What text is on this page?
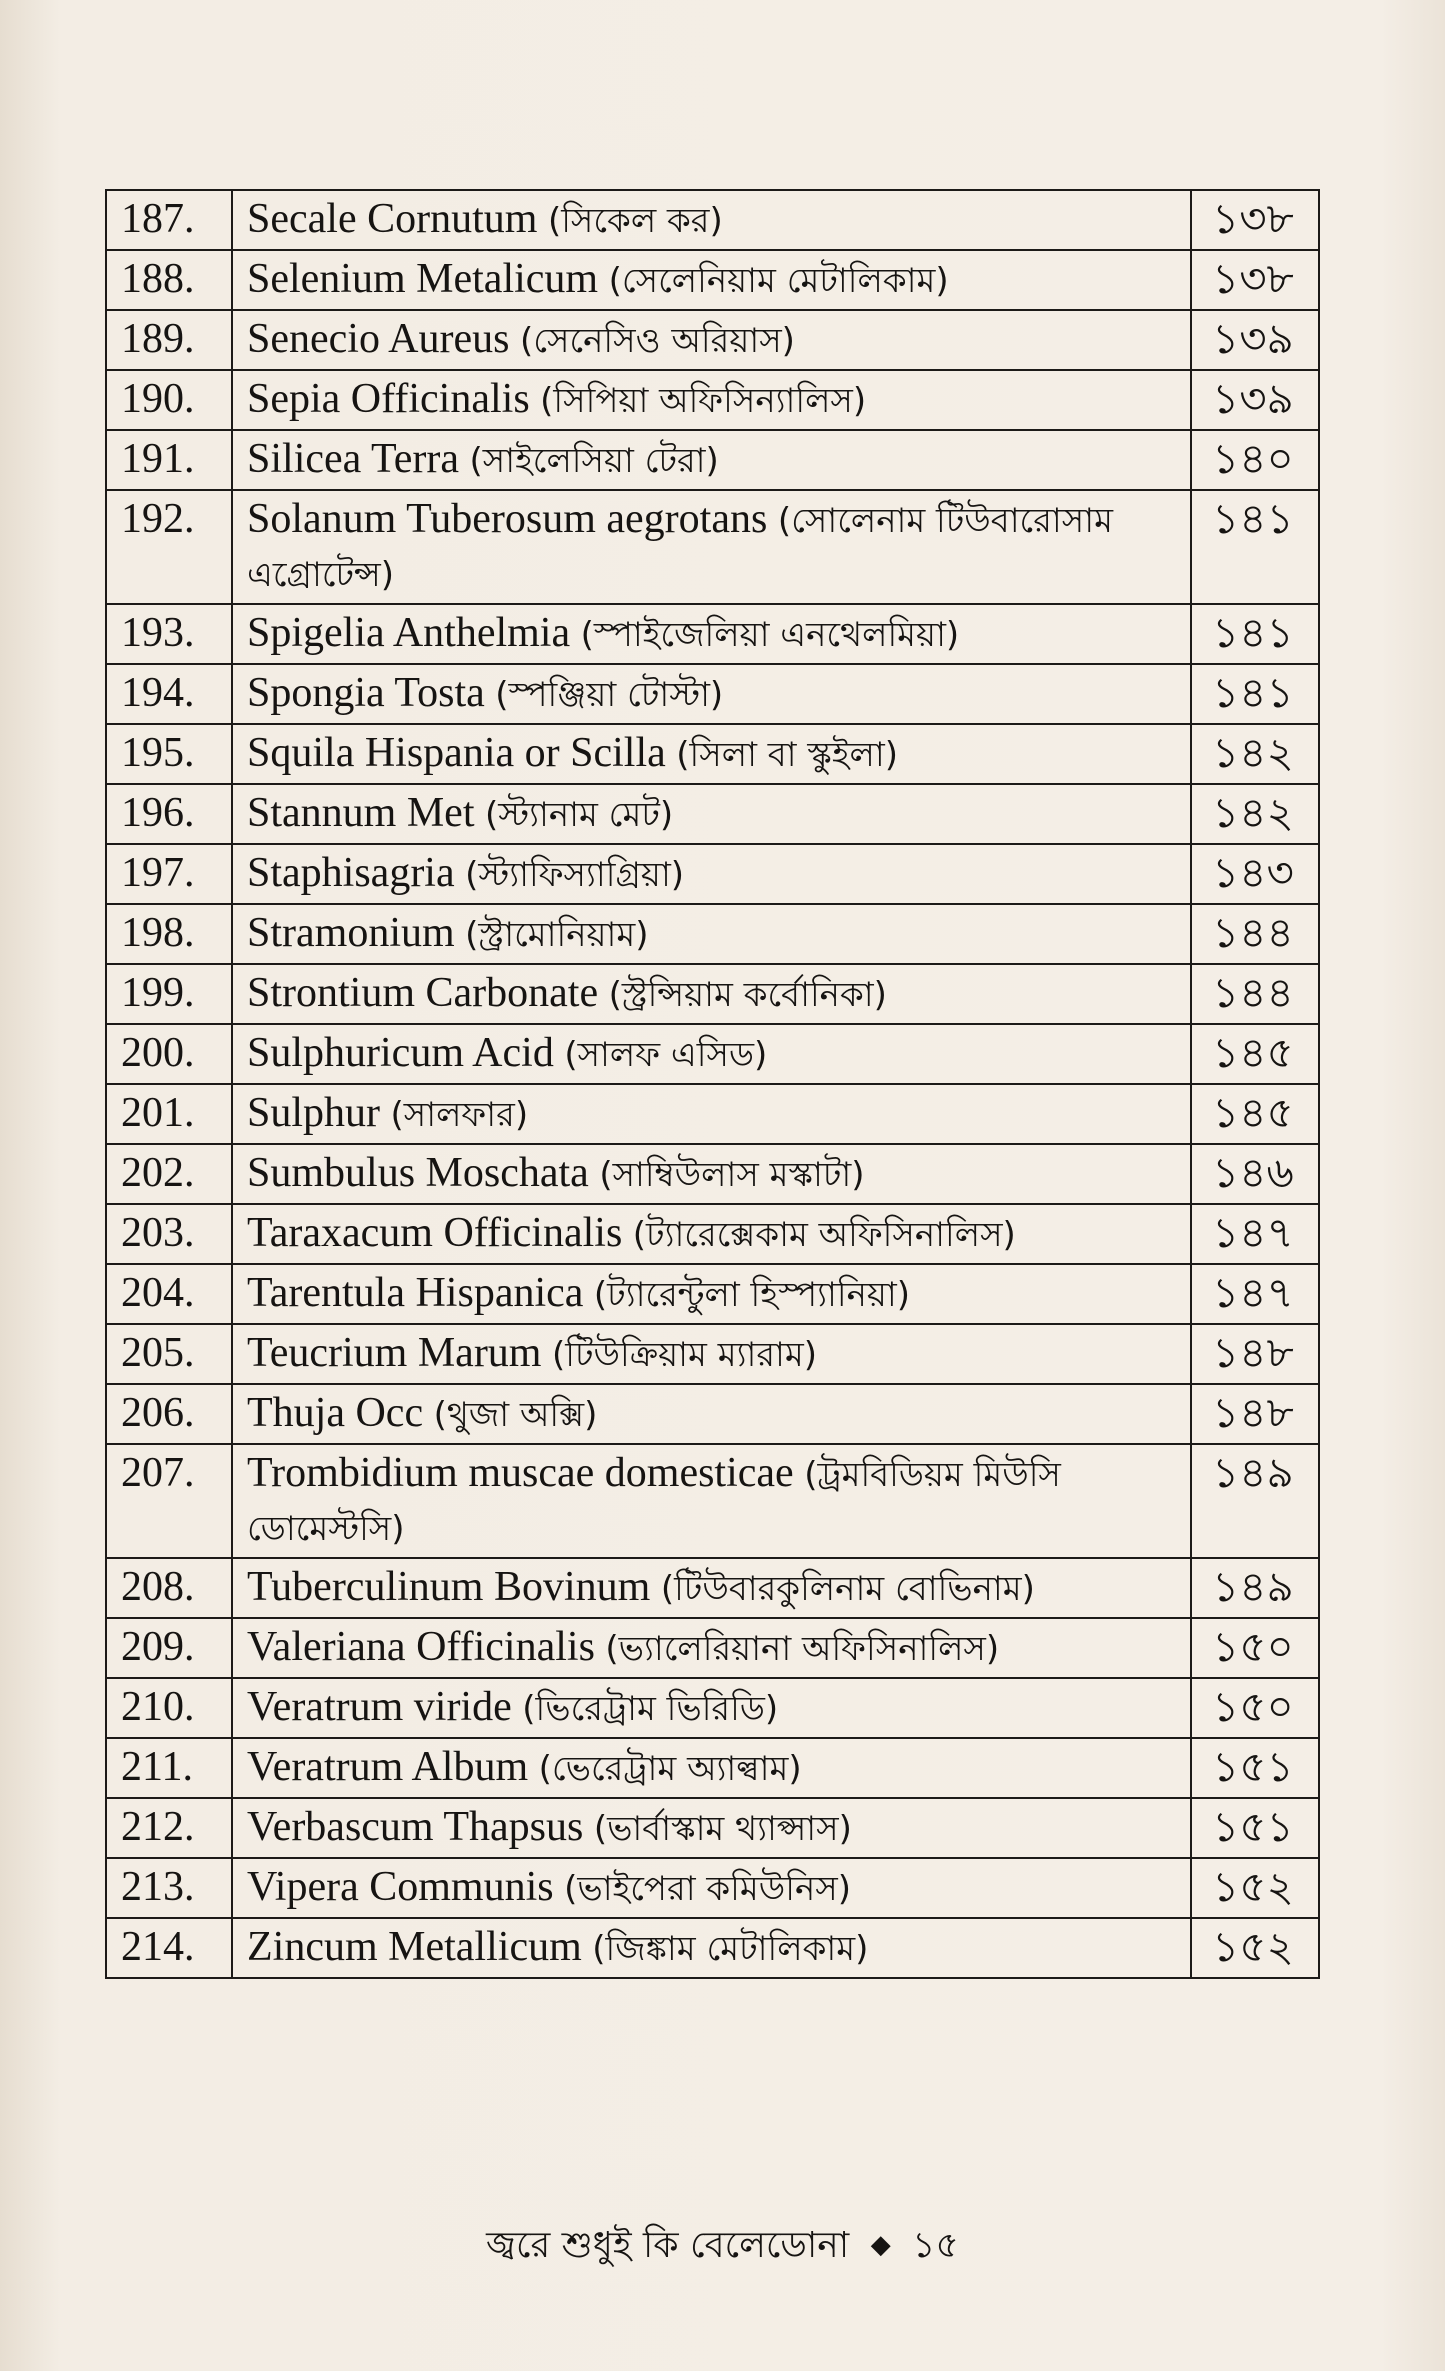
187.	Secale Cornutum (সিকেল কর)	১৩৮
188.	Selenium Metalicum (সেলেনিয়াম মেটালিকাম)	১৩৮
189.	Senecio Aureus (সেনেসিও অরিয়াস)	১৩৯
190.	Sepia Officinalis (সিপিয়া অফিসিন্যালিস)	১৩৯
191.	Silicea Terra (সাইলেসিয়া টেরা)	১৪০
192.	Solanum Tuberosum aegrotans (সোলেনাম টিউবারোসাম এগ্রোটেন্স)	১৪১
193.	Spigelia Anthelmia (স্পাইজেলিয়া এনথেলমিয়া)	১৪১
194.	Spongia Tosta (স্পঞ্জিয়া টোস্টা)	১৪১
195.	Squila Hispania or Scilla (সিলা বা স্কুইলা)	১৪২
196.	Stannum Met (স্ট্যানাম মেট)	১৪২
197.	Staphisagria (স্ট্যাফিস্যাগ্রিয়া)	১৪৩
198.	Stramonium (স্ট্রামোনিয়াম)	১৪৪
199.	Strontium Carbonate (স্ট্রন্সিয়াম কর্বোনিকা)	১৪৪
200.	Sulphuricum Acid (সালফ এসিড)	১৪৫
201.	Sulphur (সালফার)	১৪৫
202.	Sumbulus Moschata (সাম্বিউলাস মস্কাটা)	১৪৬
203.	Taraxacum Officinalis (ট্যারেক্সেকাম অফিসিনালিস)	১৪৭
204.	Tarentula Hispanica (ট্যারেন্টুলা হিস্প্যানিয়া)	১৪৭
205.	Teucrium Marum (টিউক্রিয়াম ম্যারাম)	১৪৮
206.	Thuja Occ (থুজা অক্সি)	১৪৮
207.	Trombidium muscae domesticae (ট্রমবিডিয়ম মিউসি ডোমেস্টসি)	১৪৯
208.	Tuberculinum Bovinum (টিউবারকুলিনাম বোভিনাম)	১৪৯
209.	Valeriana Officinalis (ভ্যালেরিয়ানা অফিসিনালিস)	১৫০
210.	Veratrum viride (ভিরেট্রাম ভিরিডি)	১৫০
211.	Veratrum Album (ভেরেট্রাম অ্যাল্বাম)	১৫১
212.	Verbascum Thapsus (ভার্বাস্কাম থ্যাপ্সাস)	১৫১
213.	Vipera Communis (ভাইপেরা কমিউনিস)	১৫২
214.	Zincum Metallicum (জিঙ্কাম মেটালিকাম)	১৫২
জ্বরে শুধুই কি বেলেডোনা ◆ ১৫
